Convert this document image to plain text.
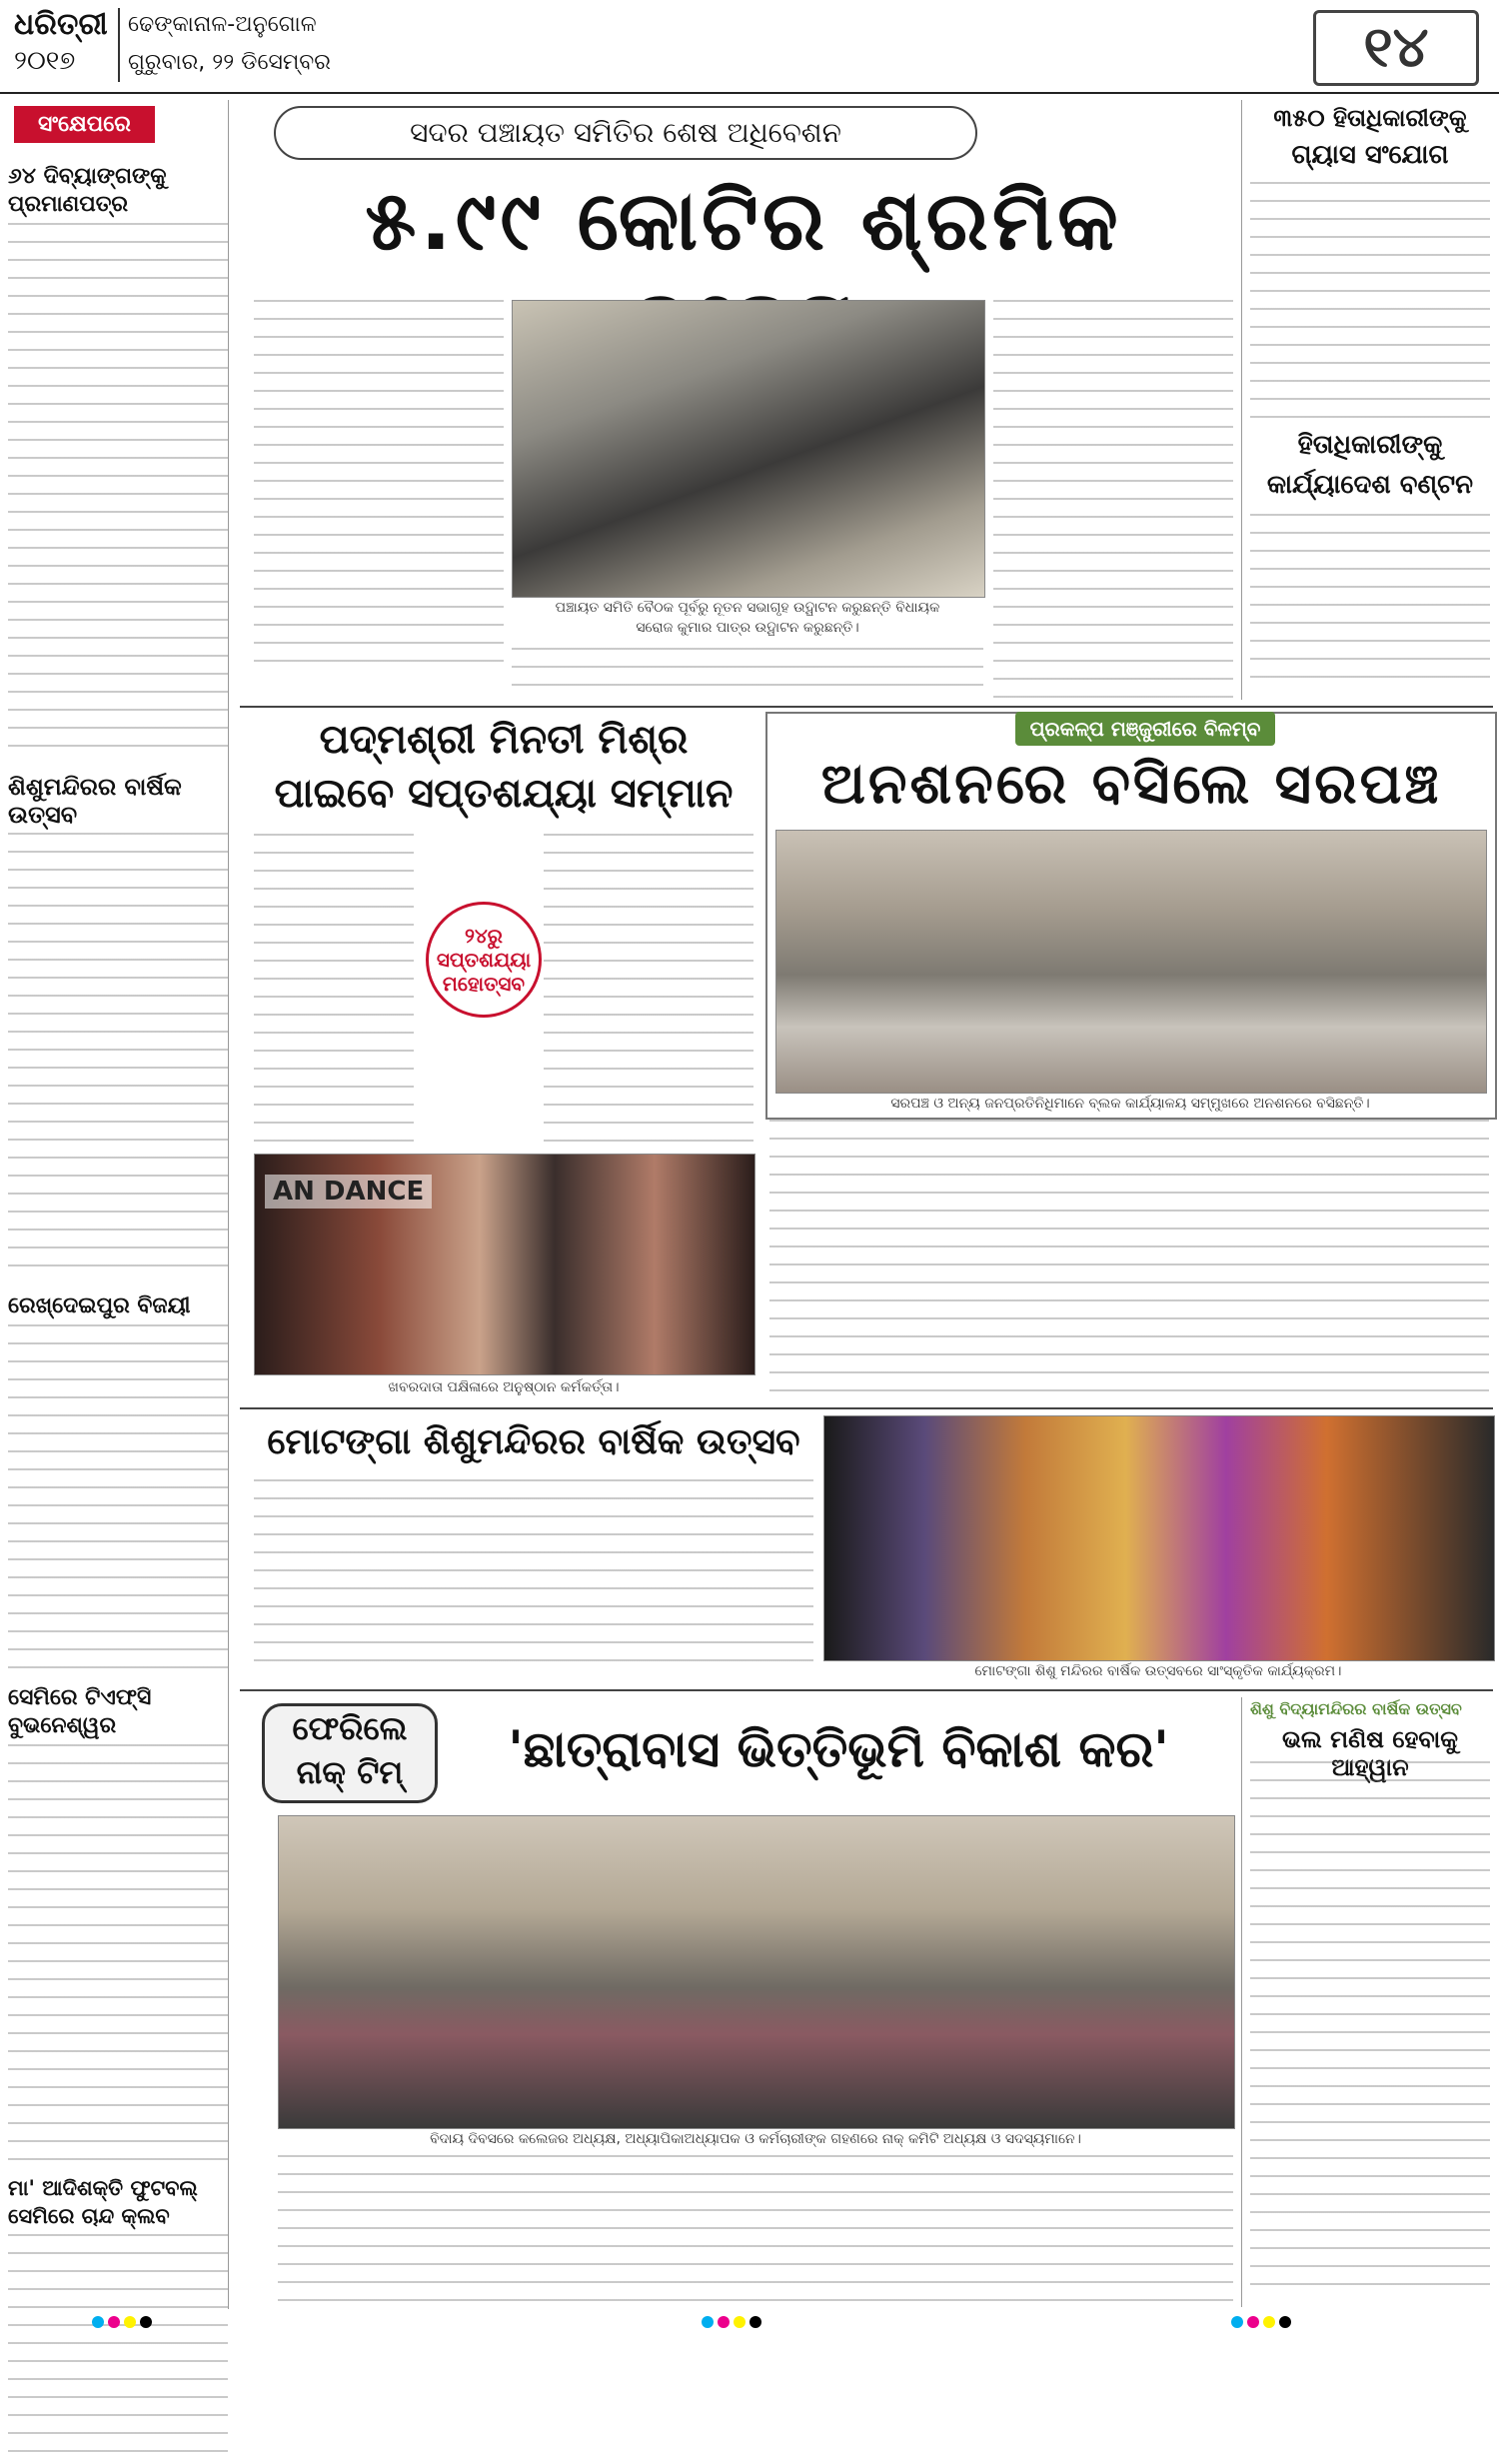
ଧରିତ୍ରୀ
୨୦୧୭
ଢେଙ୍କାନାଳ-ଅନୁଗୋଳ
ଗୁରୁବାର, ୨୨ ଡିସେମ୍ବର	୧୪
ସଂକ୍ଷେପରେ
୬୪ ଦିବ୍ୟାଙ୍ଗଙ୍କୁ ପ୍ରମାଣପତ୍ର
ଶିଶୁମନ୍ଦିରର ବାର୍ଷିକ ଉତ୍ସବ
ରେଖ୍ଦେଇପୁର ବିଜୟୀ
ସେମିରେ ଟିଏଫ୍ସି ବୁଭନେଶ୍ୱର
ମା' ଆଦିଶକ୍ତି ଫୁଟବଲ୍ ସେମିରେ ଚାନ୍ଦ କ୍ଲବ
ସଦର ପଞ୍ଚାୟତ ସମିତିର ଶେଷ ଅଧିବେଶନ
୫.୯୯ କୋଟିର ଶ୍ରମିକ
ପଞ୍ଚାୟତ ସମିତି ବୈଠକ ପୂର୍ବରୁ ନୂତନ ସଭାଗୃହ ଉଦ୍ଘାଟନ କରୁଛନ୍ତି ବିଧାୟକ
ସରୋଜ କୁମାର ପାତ୍ର ଉଦ୍ଘାଟନ କରୁଛନ୍ତି।
୩୫୦ ହିତାଧିକାରୀଙ୍କୁ
ଗ୍ୟାସ ସଂଯୋଗ
ହିତାଧିକାରୀଙ୍କୁ
କାର୍ଯ୍ୟାଦେଶ ବଣ୍ଟନ
ପଦ୍ମଶ୍ରୀ ମିନତୀ ମିଶ୍ର
ପାଇବେ ସପ୍ତଶଯ୍ୟା ସମ୍ମାନ
୨୪ରୁ
ସପ୍ତଶଯ୍ୟା
ମହୋତ୍ସବ
AN DANCE
ଖବରଦାତା ପକ୍ଷିଳାରେ ଅନୁଷ୍ଠାନ କର୍ମକର୍ତ୍ତା।
ପ୍ରକଳ୍ପ ମଞ୍ଜୁରୀରେ ବିଳମ୍ବ
ଅନଶନରେ ବସିଲେ ସରପଞ୍ଚ
ସରପଞ୍ଚ ଓ ଅନ୍ୟ ଜନପ୍ରତିନିଧିମାନେ ବ୍ଲକ କାର୍ଯ୍ୟାଳୟ ସମ୍ମୁଖରେ ଅନଶନରେ ବସିଛନ୍ତି।
ମୋଟଙ୍ଗା ଶିଶୁମନ୍ଦିରର ବାର୍ଷିକ ଉତ୍ସବ
ମୋଟଙ୍ଗା ଶିଶୁ ମନ୍ଦିରର ବାର୍ଷିକ ଉତ୍ସବରେ ସାଂସ୍କୃତିକ କାର୍ଯ୍ୟକ୍ରମ।
ଫେରିଲେ
ନାକ୍ ଟିମ୍	'ଛାତ୍ରାବାସ ଭିତ୍ତିଭୂମି ବିକାଶ କର'
ବିଦାୟ ଦିବସରେ କଲେଜର ଅଧ୍ୟକ୍ଷ, ଅଧ୍ୟାପିକାଅଧ୍ୟାପକ ଓ କର୍ମଚାରୀଙ୍କ ଗହଣରେ ନାକ୍ କମିଟି ଅଧ୍ୟକ୍ଷ ଓ ସଦସ୍ୟମାନେ।
ଶିଶୁ ବିଦ୍ୟାମନ୍ଦିରର ବାର୍ଷିକ ଉତ୍ସବ
ଭଲ ମଣିଷ ହେବାକୁ ଆହ୍ୱାନ
